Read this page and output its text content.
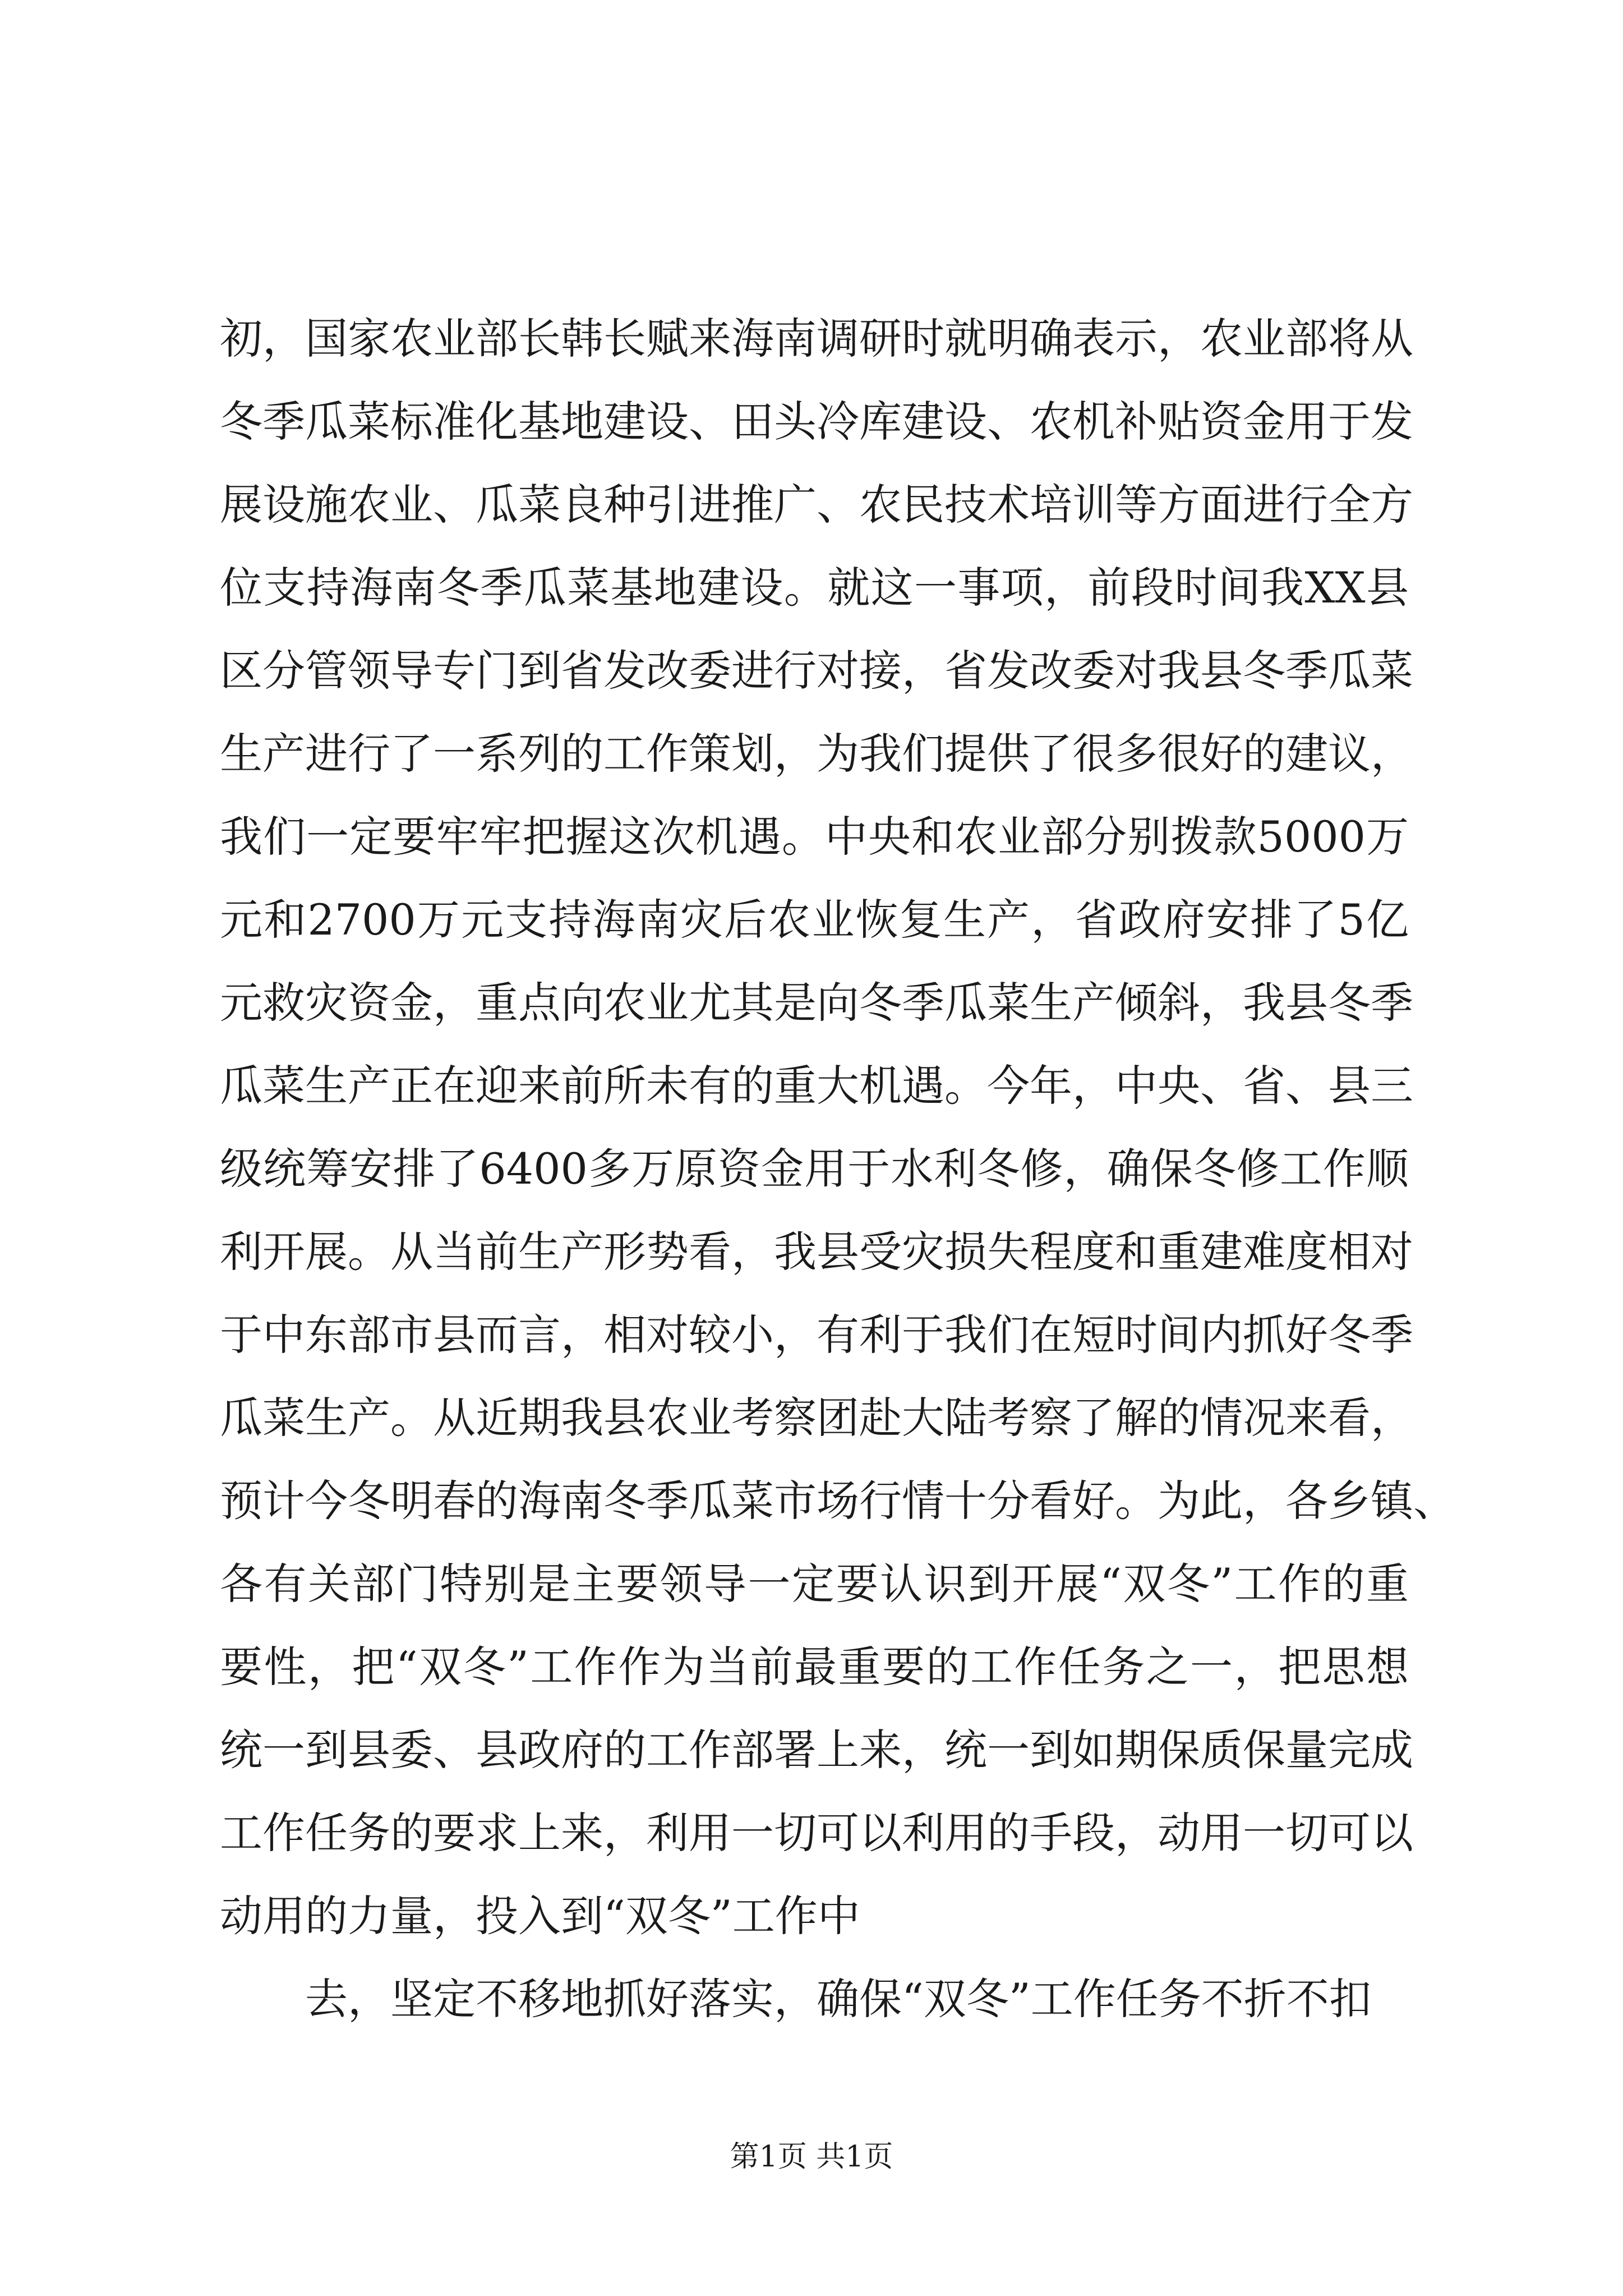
初，国家农业部长韩长赋来海南调研时就明确表示，农业部将从
冬季瓜菜标准化基地建设、田头冷库建设、农机补贴资金用于发
展设施农业、瓜菜良种引进推广、农民技术培训等方面进行全方
位支持海南冬季瓜菜基地建设。就这一事项，前段时间我XX县
区分管领导专门到省发改委进行对接，省发改委对我县冬季瓜菜
生产进行了一系列的工作策划，为我们提供了很多很好的建议，
我们一定要牢牢把握这次机遇。中央和农业部分别拨款5000万
元和2700万元支持海南灾后农业恢复生产，省政府安排了5亿
元救灾资金，重点向农业尤其是向冬季瓜菜生产倾斜，我县冬季
瓜菜生产正在迎来前所未有的重大机遇。今年，中央、省、县三
级统筹安排了6400多万原资金用于水利冬修，确保冬修工作顺
利开展。从当前生产形势看，我县受灾损失程度和重建难度相对
于中东部市县而言，相对较小，有利于我们在短时间内抓好冬季
瓜菜生产。从近期我县农业考察团赴大陆考察了解的情况来看，
预计今冬明春的海南冬季瓜菜市场行情十分看好。为此，各乡镇、
各有关部门特别是主要领导一定要认识到开展“双冬”工作的重
要性，把“双冬”工作作为当前最重要的工作任务之一，把思想
统一到县委、县政府的工作部署上来，统一到如期保质保量完成
工作任务的要求上来，利用一切可以利用的手段，动用一切可以
动用的力量，投入到“双冬”工作中
去，坚定不移地抓好落实，确保“双冬”工作任务不折不扣
第1页 共1页
